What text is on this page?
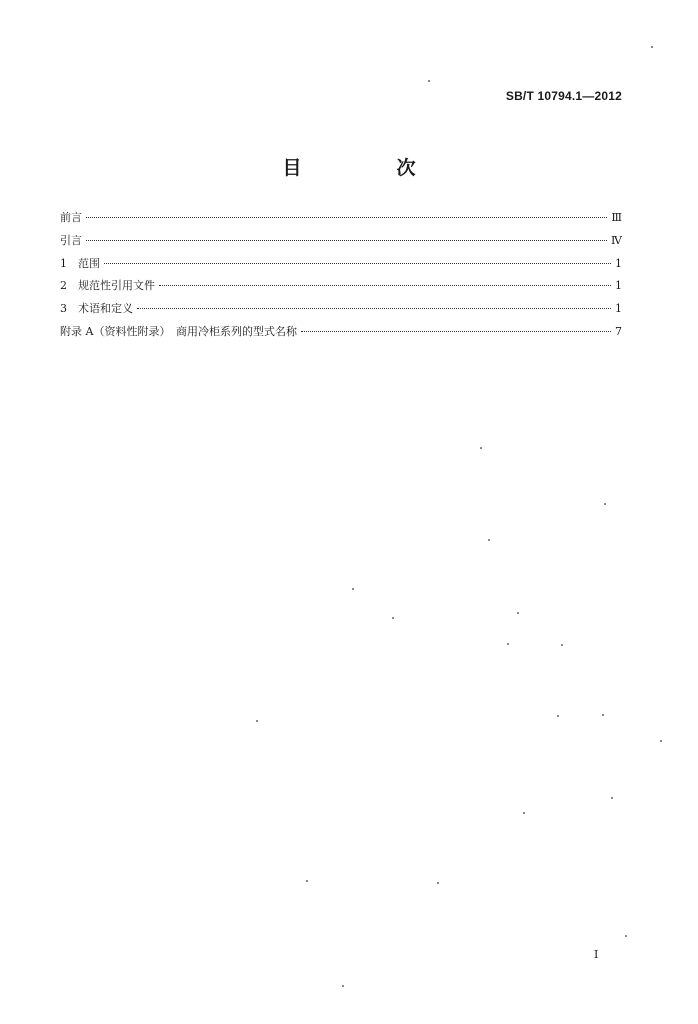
SB/T 10794.1—2012
目　次
前言	Ⅲ
引言	Ⅳ
1　范围	1
2　规范性引用文件	1
3　术语和定义	1
附录 A（资料性附录）　商用冷柜系列的型式名称	7
Ⅰ
